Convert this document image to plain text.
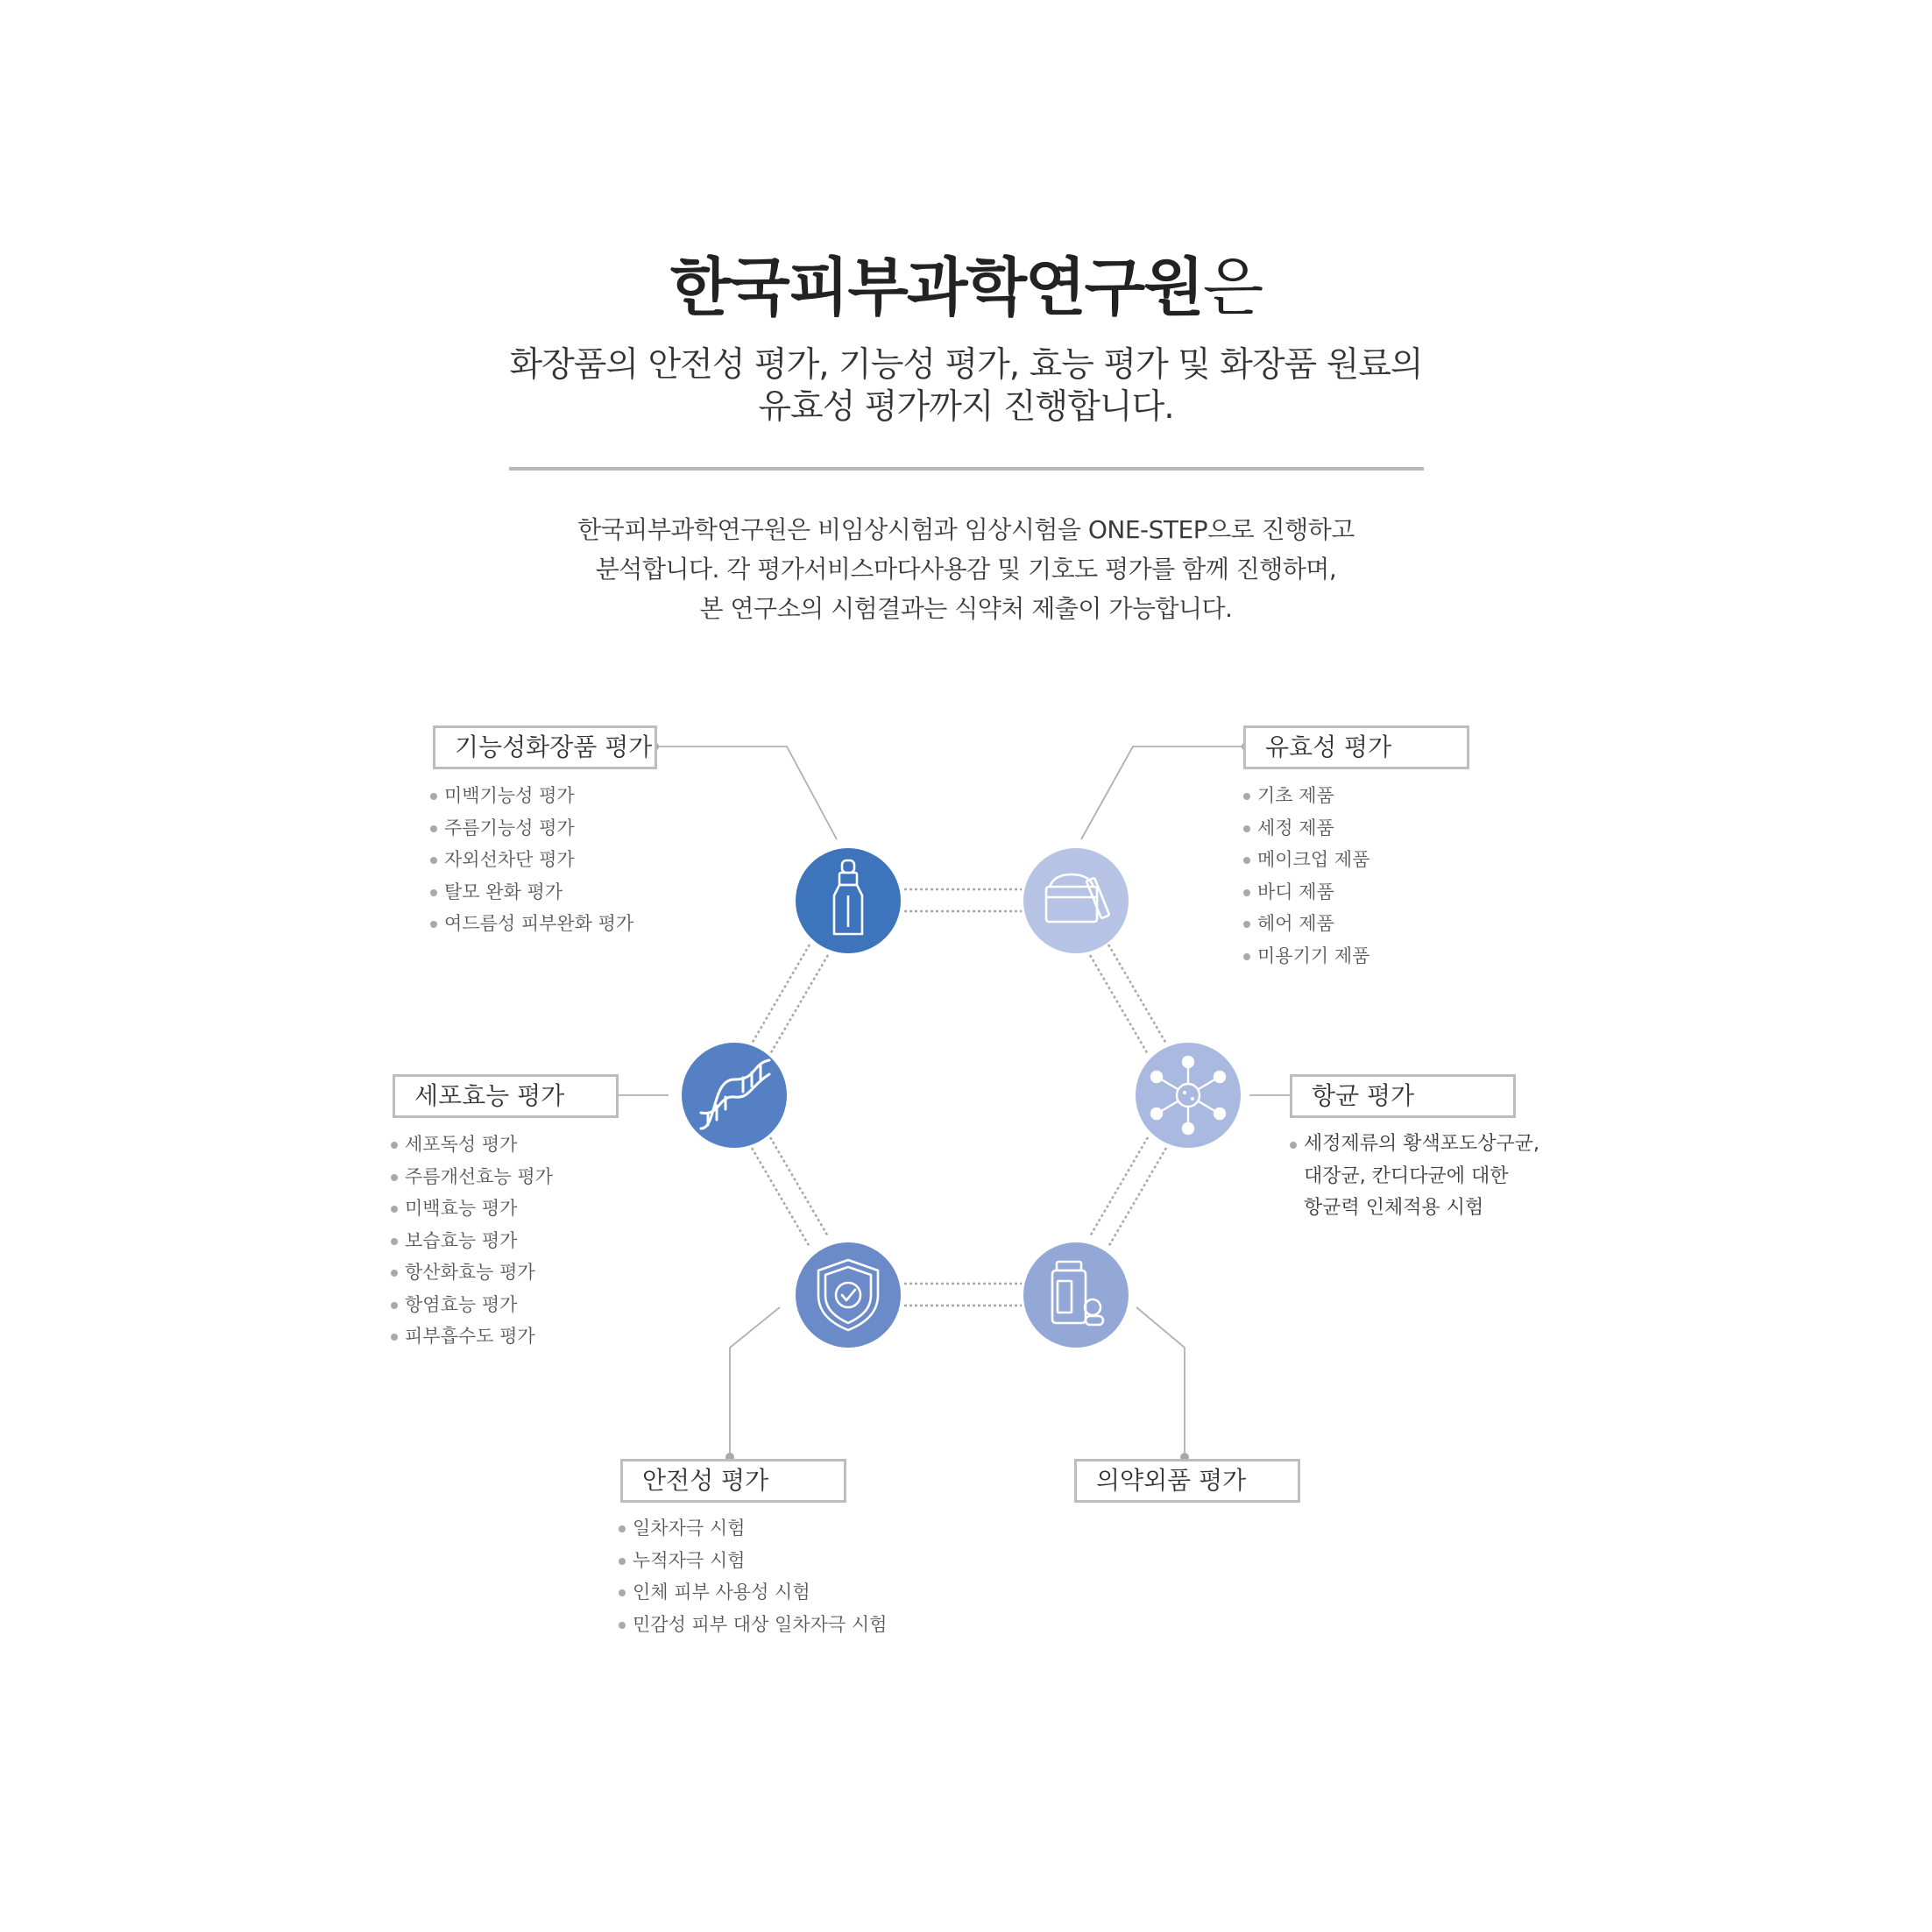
한국피부과학연구원은
화장품의 안전성 평가, 기능성 평가, 효능 평가 및 화장품 원료의
유효성 평가까지 진행합니다.
한국피부과학연구원은 비임상시험과 임상시험을 ONE-STEP으로 진행하고
분석합니다. 각 평가서비스마다사용감 및 기호도 평가를 함께 진행하며,
본 연구소의 시험결과는 식약처 제출이 가능합니다.
기능성화장품 평가
미백기능성 평가
주름기능성 평가
자외선차단 평가
탈모 완화 평가
여드름성 피부완화 평가
유효성 평가
기초 제품
세정 제품
메이크업 제품
바디 제품
헤어 제품
미용기기 제품
세포효능 평가
세포독성 평가
주름개선효능 평가
미백효능 평가
보습효능 평가
항산화효능 평가
항염효능 평가
피부흡수도 평가
항균 평가
세정제류의 황색포도상구균,
대장균, 칸디다균에 대한
항균력 인체적용 시험
안전성 평가
일차자극 시험
누적자극 시험
인체 피부 사용성 시험
민감성 피부 대상 일차자극 시험
의약외품 평가
